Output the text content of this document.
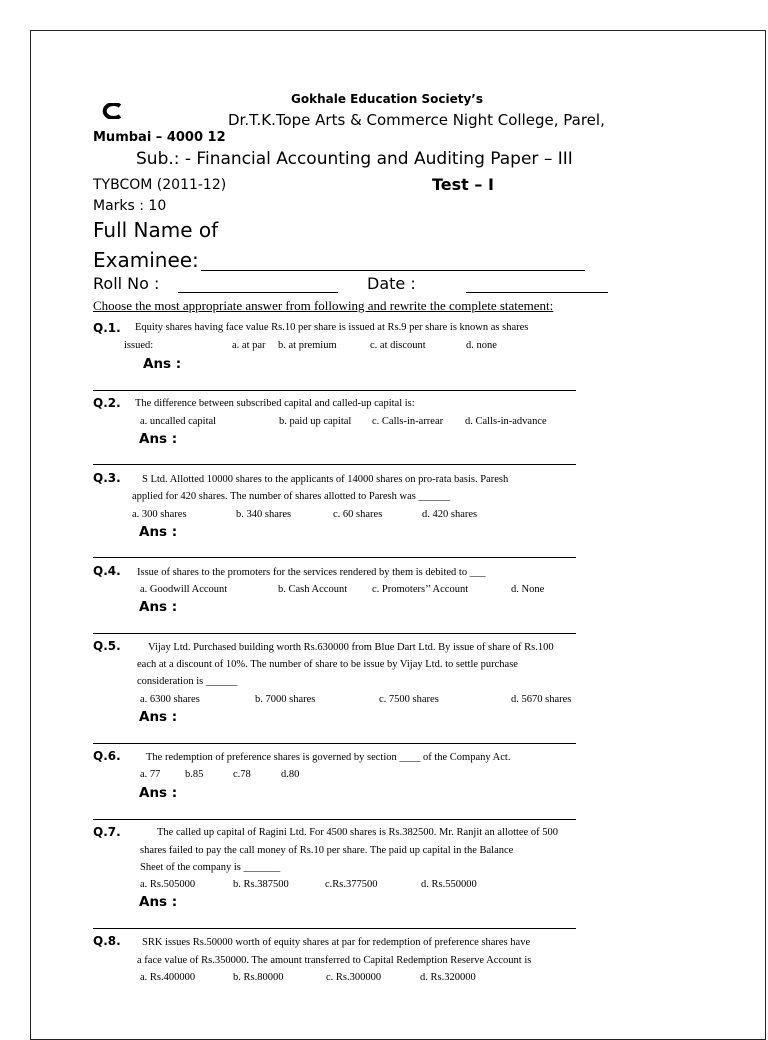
Gokhale Education Society’s
Dr.T.K.Tope Arts & Commerce Night College, Parel,
Mumbai – 4000 12
Sub.: - Financial Accounting and Auditing Paper – III
TYBCOM (2011-12)	Test – I
Marks : 10
Full Name of
Examinee:
Roll No :	Date :
Choose the most appropriate answer from following and rewrite the complete statement:
Q.1. Equity shares having face value Rs.10 per share is issued at Rs.9 per share is known as shares
issued:	a. at par b. at premium	c. at discount	d. none
Ans :
Q.2. The difference between subscribed capital and called-up capital is:
a. uncalled capital	b. paid up capital c. Calls-in-arrear d. Calls-in-advance
Ans :
Q.3. S Ltd. Allotted 10000 shares to the applicants of 14000 shares on pro-rata basis. Paresh
applied for 420 shares. The number of shares allotted to Paresh was ______
a. 300 shares	b. 340 shares	c. 60 shares	d. 420 shares
Ans :
Q.4. Issue of shares to the promoters for the services rendered by them is debited to ___
a. Goodwill Account	b. Cash Account c. Promoters’’ Account	d. None
Ans :
Q.5.	Vijay Ltd. Purchased building worth Rs.630000 from Blue Dart Ltd. By issue of share of Rs.100
each at a discount of 10%. The number of share to be issue by Vijay Ltd. to settle purchase
consideration is ______
a. 6300 shares	b. 7000 shares	c. 7500 shares	d. 5670 shares
Ans :
Q.6. The redemption of preference shares is governed by section ____ of the Company Act.
a. 77 b.85	c.78	d.80
Ans :
Q.7.	The called up capital of Ragini Ltd. For 4500 shares is Rs.382500. Mr. Ranjit an allottee of 500
shares failed to pay the call money of Rs.10 per share. The paid up capital in the Balance
Sheet of the company is _______
a. Rs.505000	b. Rs.387500	c.Rs.377500	d. Rs.550000
Ans :
Q.8. SRK issues Rs.50000 worth of equity shares at par for redemption of preference shares have
a face value of Rs.350000. The amount transferred to Capital Redemption Reserve Account is
a. Rs.400000	b. Rs.80000	c. Rs.300000	d. Rs.320000
